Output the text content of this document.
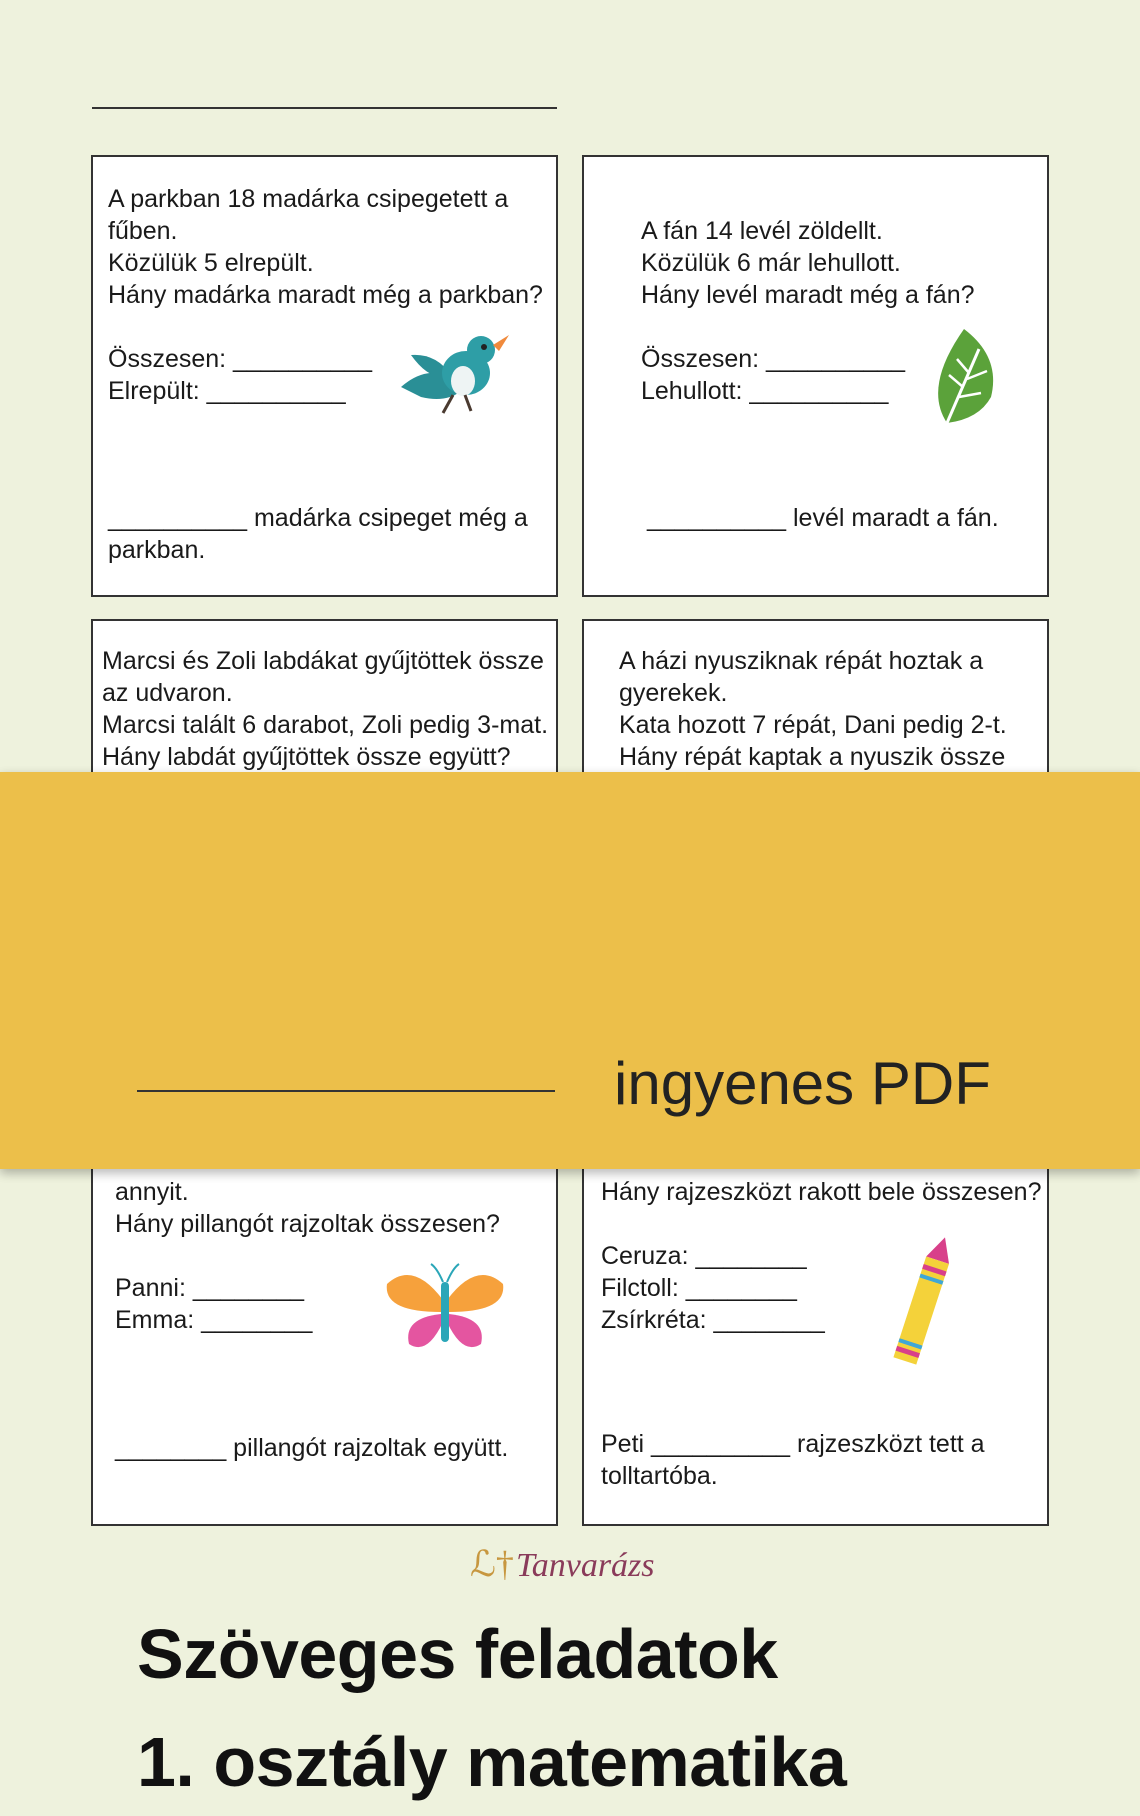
A parkban 18 madárka csipegetett a
fűben.
Közülük 5 elrepült.
Hány madárka maradt még a parkban?
Összesen: __________
Elrepült: __________
__________ madárka csipeget még a
parkban.
A fán 14 levél zöldellt.
Közülük 6 már lehullott.
Hány levél maradt még a fán?
Összesen: __________
Lehullott: __________
__________ levél maradt a fán.
Marcsi és Zoli labdákat gyűjtöttek össze
az udvaron.
Marcsi talált 6 darabot, Zoli pedig 3-mat.
Hány labdát gyűjtöttek össze együtt?
A házi nyusziknak répát hoztak a
gyerekek.
Kata hozott 7 répát, Dani pedig 2-t.
Hány répát kaptak a nyuszik össze
annyit.
Hány pillangót rajzoltak összesen?
Panni: ________
Emma: ________
________ pillangót rajzoltak együtt.
Hány rajzeszközt rakott bele összesen?
Ceruza: ________
Filctoll: ________
Zsírkréta: ________
Peti __________ rajzeszközt tett a
tolltartóba.
Szöveges feladatok
1. osztály matematika
ingyenes PDF
ℒ†Tanvarázs
